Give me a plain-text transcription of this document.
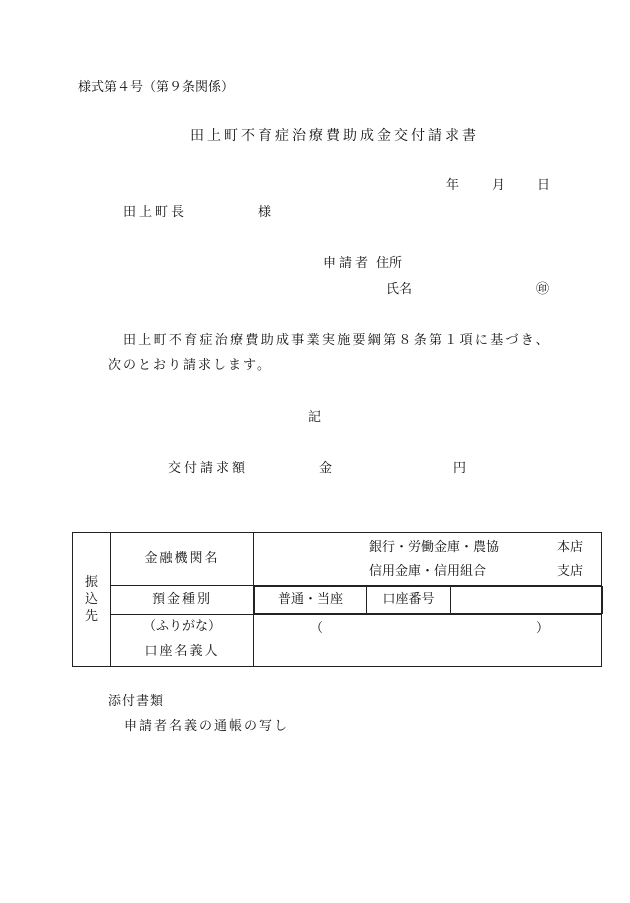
様式第４号（第９条関係）
田上町不育症治療費助成金交付請求書
年	月 日
田上町長	様
申請者 住所
氏名	㊞
田上町不育症治療費助成事業実施要綱第８条第１項に基づき、
次のとおり請求します。
記
交付請求額	金	円
振
込
先
	金融機関名	
銀行・労働金庫・農協	本店
信用金庫・信用組合	支店

預金種別		普通・当座	口座番号	

（ふりがな）	（	）

口座名義人
添付書類
申請者名義の通帳の写し
